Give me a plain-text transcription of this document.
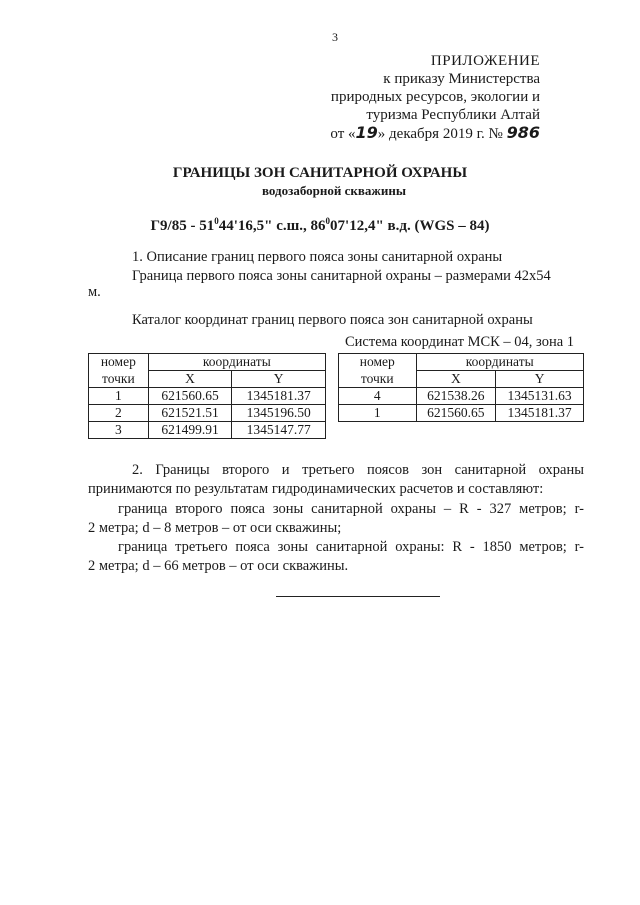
3
ПРИЛОЖЕНИЕ
к приказу Министерства
природных ресурсов, экологии и
туризма Республики Алтай
от «19» декабря 2019 г. № 986
ГРАНИЦЫ ЗОН САНИТАРНОЙ ОХРАНЫ
водозаборной скважины
$Г9/85 - 51^044'16,5$" с.ш., $86^007'12,4$" в.д. (WGS – 84)
1. Описание границ первого пояса зоны санитарной охраны
Граница первого пояса зоны санитарной охраны – размерами 42х54
м.
Каталог координат границ первого пояса зон санитарной охраны
Система координат МСК – 04, зона 1
номер	координаты	
точки	X	Y
1	621560.65	1345181.37
2	621521.51	1345196.50
3	621499.91	1345147.77
номер	координаты	
точки	X	Y
4	621538.26	1345131.63
1	621560.65	1345181.37
2. Границы второго и третьего поясов зон санитарной охраны
принимаются по результатам гидродинамических расчетов и составляют:
граница второго пояса зоны санитарной охраны – R - 327 метров; r-
2 метра; d – 8 метров – от оси скважины;
граница третьего пояса зоны санитарной охраны: R - 1850 метров; r-
2 метра; d – 66 метров – от оси скважины.
